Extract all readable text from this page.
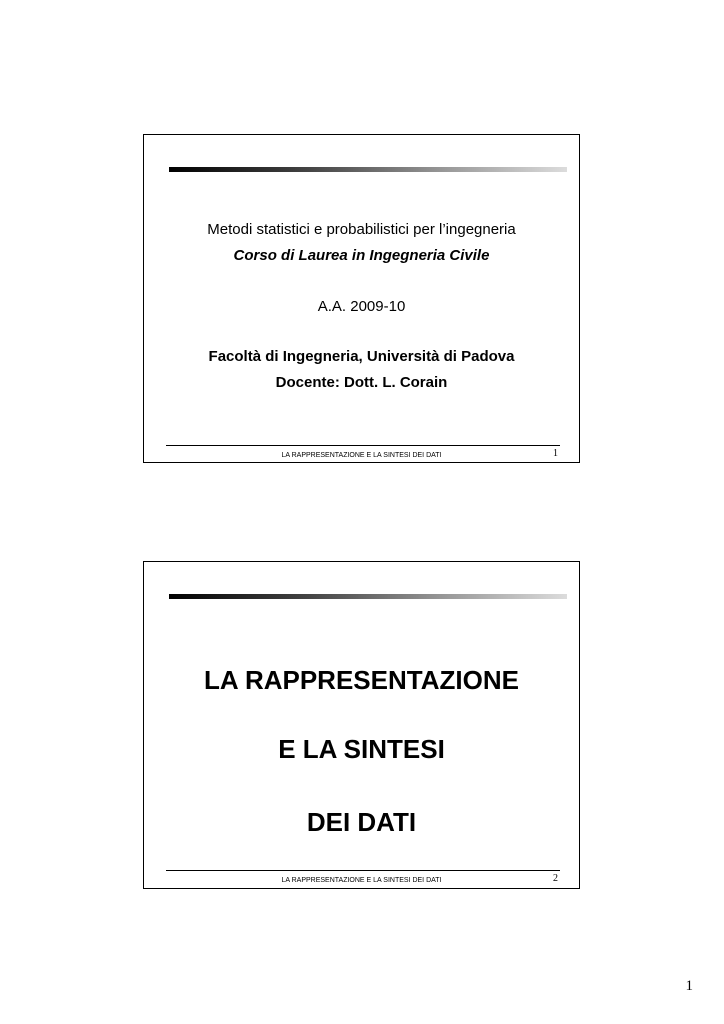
Metodi statistici e probabilistici per l’ingegneria
Corso di Laurea in Ingegneria Civile
A.A. 2009-10
Facoltà di Ingegneria, Università di Padova
Docente: Dott. L. Corain
LA RAPPRESENTAZIONE E LA SINTESI DEI DATI	1
LA RAPPRESENTAZIONE
E LA SINTESI
DEI DATI
LA RAPPRESENTAZIONE E LA SINTESI DEI DATI	2
1
